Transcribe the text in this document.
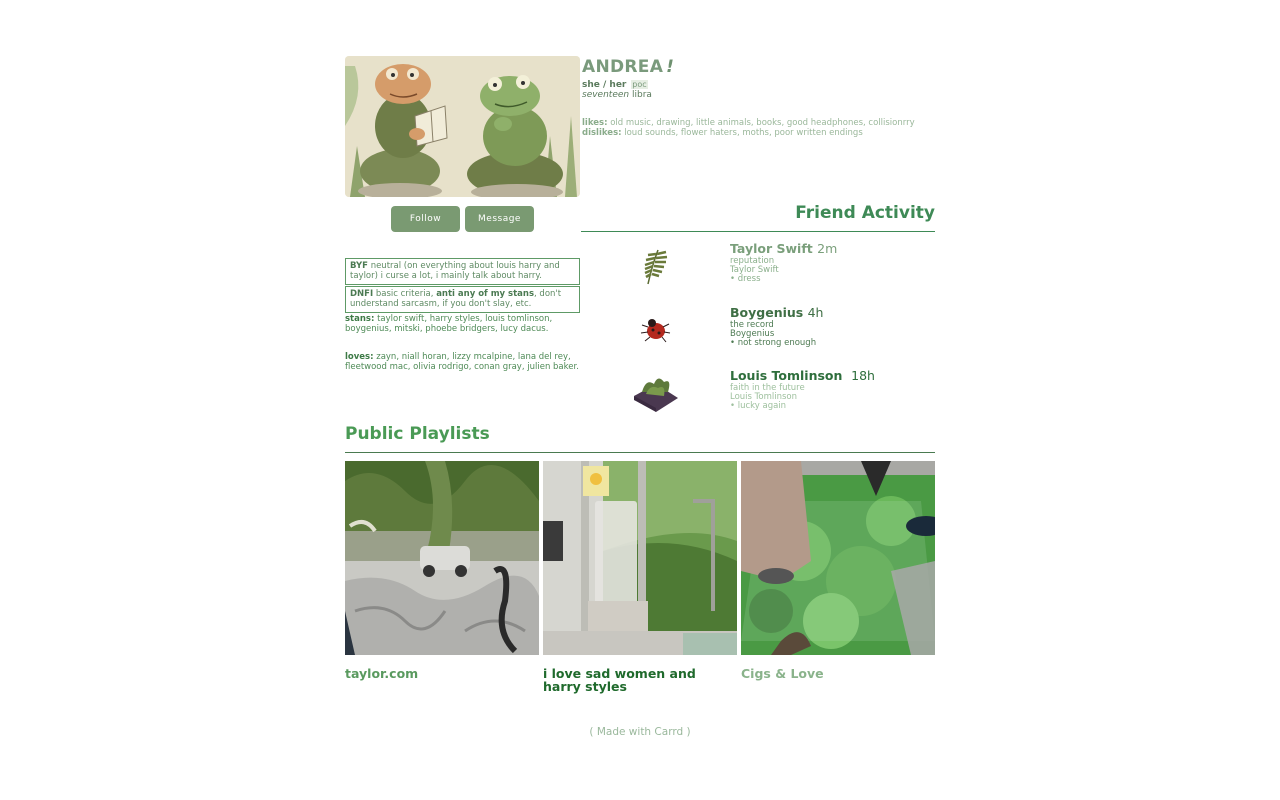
Follow	Message
ANDREA !
she / her poc
seventeen libra
likes: old music, drawing, little animals, books, good headphones, collisionrry
dislikes: loud sounds, flower haters, moths, poor written endings
BYF neutral (on everything about louis harry and taylor) i curse a lot, i mainly talk about harry.
DNFI basic criteria, anti any of my stans, don't understand sarcasm, if you don't slay, etc.
stans: taylor swift, harry styles, louis tomlinson, boygenius, mitski, phoebe bridgers, lucy dacus.
loves: zayn, niall horan, lizzy mcalpine, lana del rey, fleetwood mac, olivia rodrigo, conan gray, julien baker.
Friend Activity
Taylor Swift 2m
reputation
Taylor Swift
• dress
Boygenius 4h
the record
Boygenius
• not strong enough
Louis Tomlinson 18h
faith in the future
Louis Tomlinson
• lucky again
Public Playlists
taylor.com	i love sad women and harry styles
Cigs & Love
( Made with Carrd )
